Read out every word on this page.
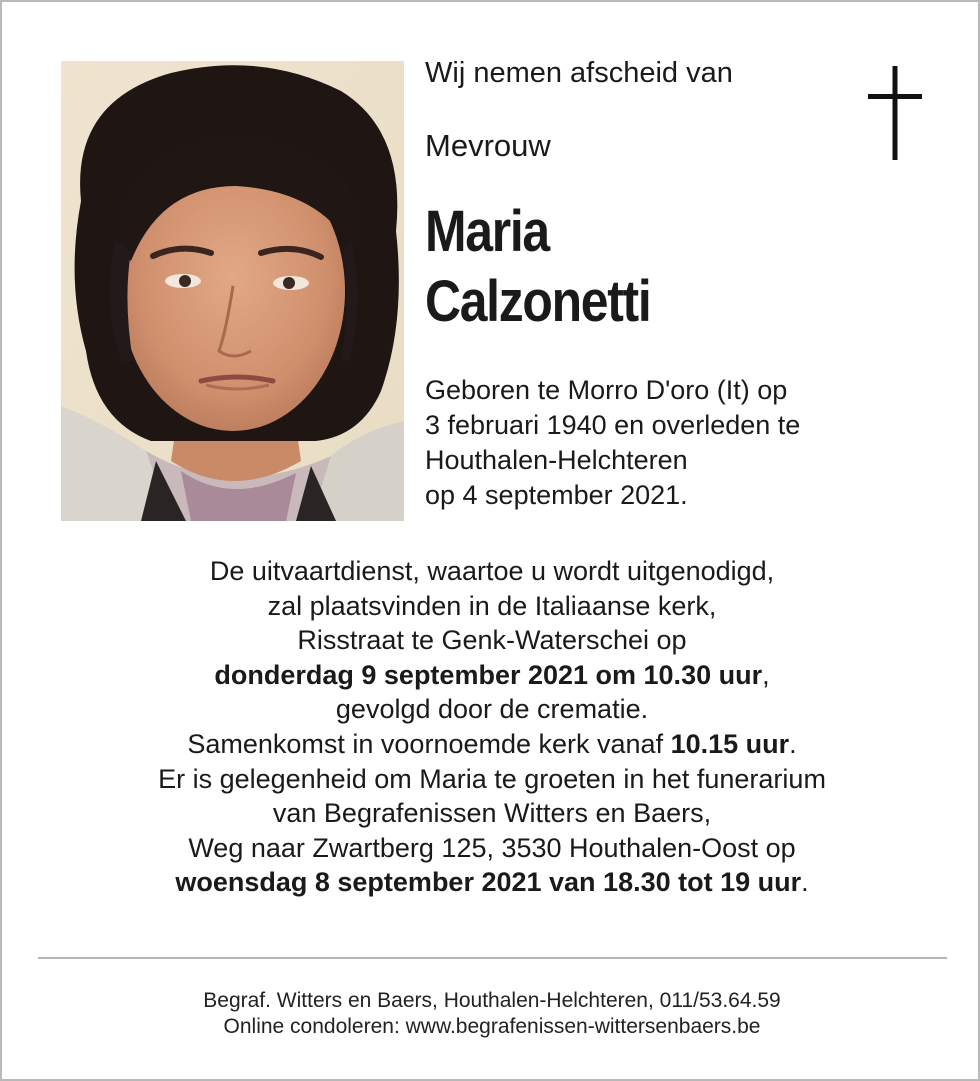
Wij nemen afscheid van
Mevrouw
Maria
Calzonetti
Geboren te Morro D'oro (It) op
3 februari 1940 en overleden te
Houthalen-Helchteren
op 4 september 2021.
De uitvaartdienst, waartoe u wordt uitgenodigd,
zal plaatsvinden in de Italiaanse kerk,
Risstraat te Genk-Waterschei op
donderdag 9 september 2021 om 10.30 uur,
gevolgd door de crematie.
Samenkomst in voornoemde kerk vanaf 10.15 uur.
Er is gelegenheid om Maria te groeten in het funerarium
van Begrafenissen Witters en Baers,
Weg naar Zwartberg 125, 3530 Houthalen-Oost op
woensdag 8 september 2021 van 18.30 tot 19 uur.
Begraf. Witters en Baers, Houthalen-Helchteren, 011/53.64.59
Online condoleren: www.begrafenissen-wittersenbaers.be
